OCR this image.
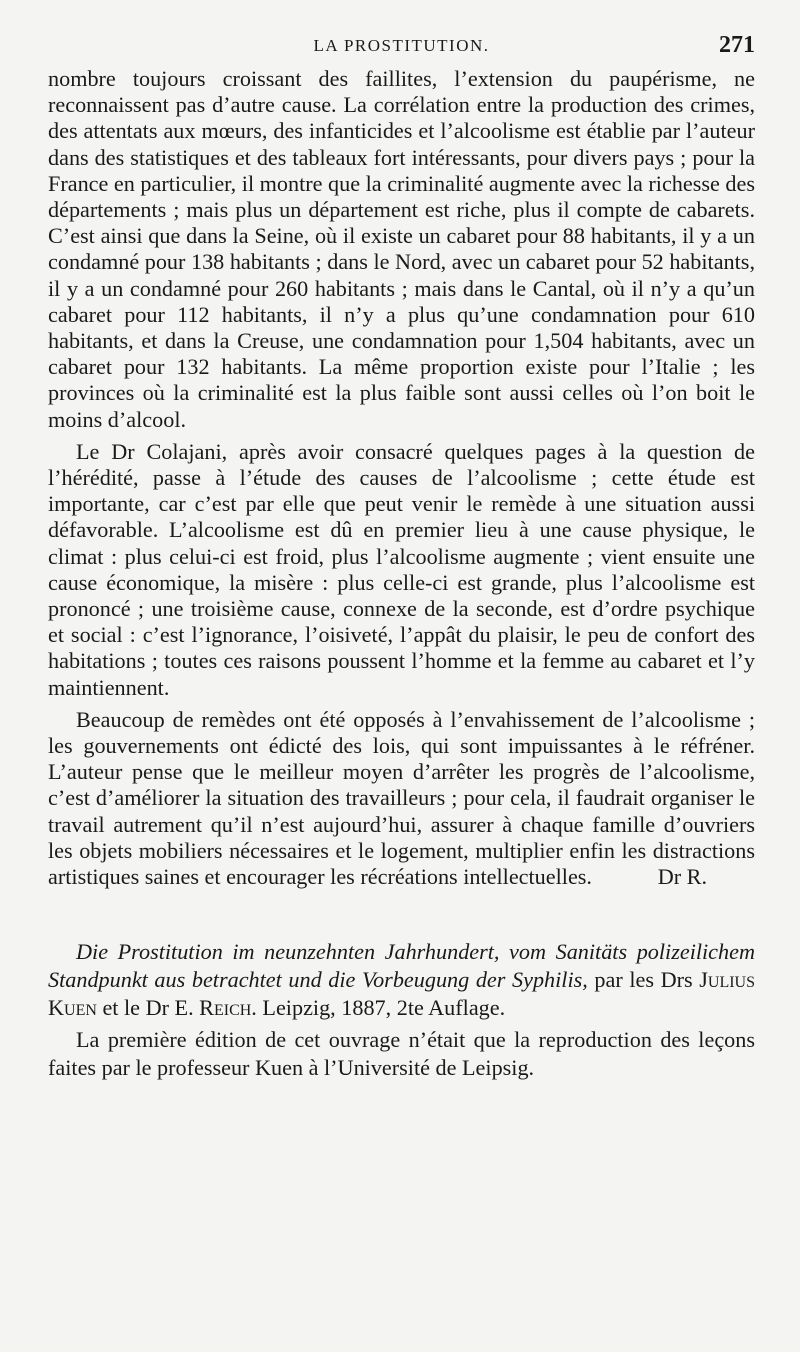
LA PROSTITUTION.	271

nombre toujours croissant des faillites, l’extension du paupérisme, ne reconnaissent pas d’autre cause. La corrélation entre la production des crimes, des attentats aux mœurs, des infanticides et l’alcoolisme est établie par l’auteur dans des statistiques et des tableaux fort intéressants, pour divers pays ; pour la France en particulier, il montre que la criminalité augmente avec la richesse des départements ; mais plus un département est riche, plus il compte de cabarets. C’est ainsi que dans la Seine, où il existe un cabaret pour 88 habitants, il y a un condamné pour 138 habitants ; dans le Nord, avec un cabaret pour 52 habitants, il y a un condamné pour 260 habitants ; mais dans le Cantal, où il n’y a qu’un cabaret pour 112 habitants, il n’y a plus qu’une condamnation pour 610 habitants, et dans la Creuse, une condamnation pour 1,504 habitants, avec un cabaret pour 132 habitants. La même proportion existe pour l’Italie ; les provinces où la criminalité est la plus faible sont aussi celles où l’on boit le moins d’alcool.

Le Dr Colajani, après avoir consacré quelques pages à la question de l’hérédité, passe à l’étude des causes de l’alcoolisme ; cette étude est importante, car c’est par elle que peut venir le remède à une situation aussi défavorable. L’alcoolisme est dû en premier lieu à une cause physique, le climat : plus celui-ci est froid, plus l’alcoolisme augmente ; vient ensuite une cause économique, la misère : plus celle-ci est grande, plus l’alcoolisme est prononcé ; une troisième cause, connexe de la seconde, est d’ordre psychique et social : c’est l’ignorance, l’oisiveté, l’appât du plaisir, le peu de confort des habitations ; toutes ces raisons poussent l’homme et la femme au cabaret et l’y maintiennent.

Beaucoup de remèdes ont été opposés à l’envahissement de l’alcoolisme ; les gouvernements ont édicté des lois, qui sont impuissantes à le réfréner. L’auteur pense que le meilleur moyen d’arrêter les progrès de l’alcoolisme, c’est d’améliorer la situation des travailleurs ; pour cela, il faudrait organiser le travail autrement qu’il n’est aujourd’hui, assurer à chaque famille d’ouvriers les objets mobiliers nécessaires et le logement, multiplier enfin les distractions artistiques saines et encourager les récréations intellectuelles.	Dr R.

Die Prostitution im neunzehnten Jahrhundert, vom Sanitäts polizeilichem Standpunkt aus betrachtet und die Vorbeugung der Syphilis, par les Drs Julius Kuen et le Dr E. Reich. Leipzig, 1887, 2te Auflage.

La première édition de cet ouvrage n’était que la reproduction des leçons faites par le professeur Kuen à l’Université de Leipsig.
